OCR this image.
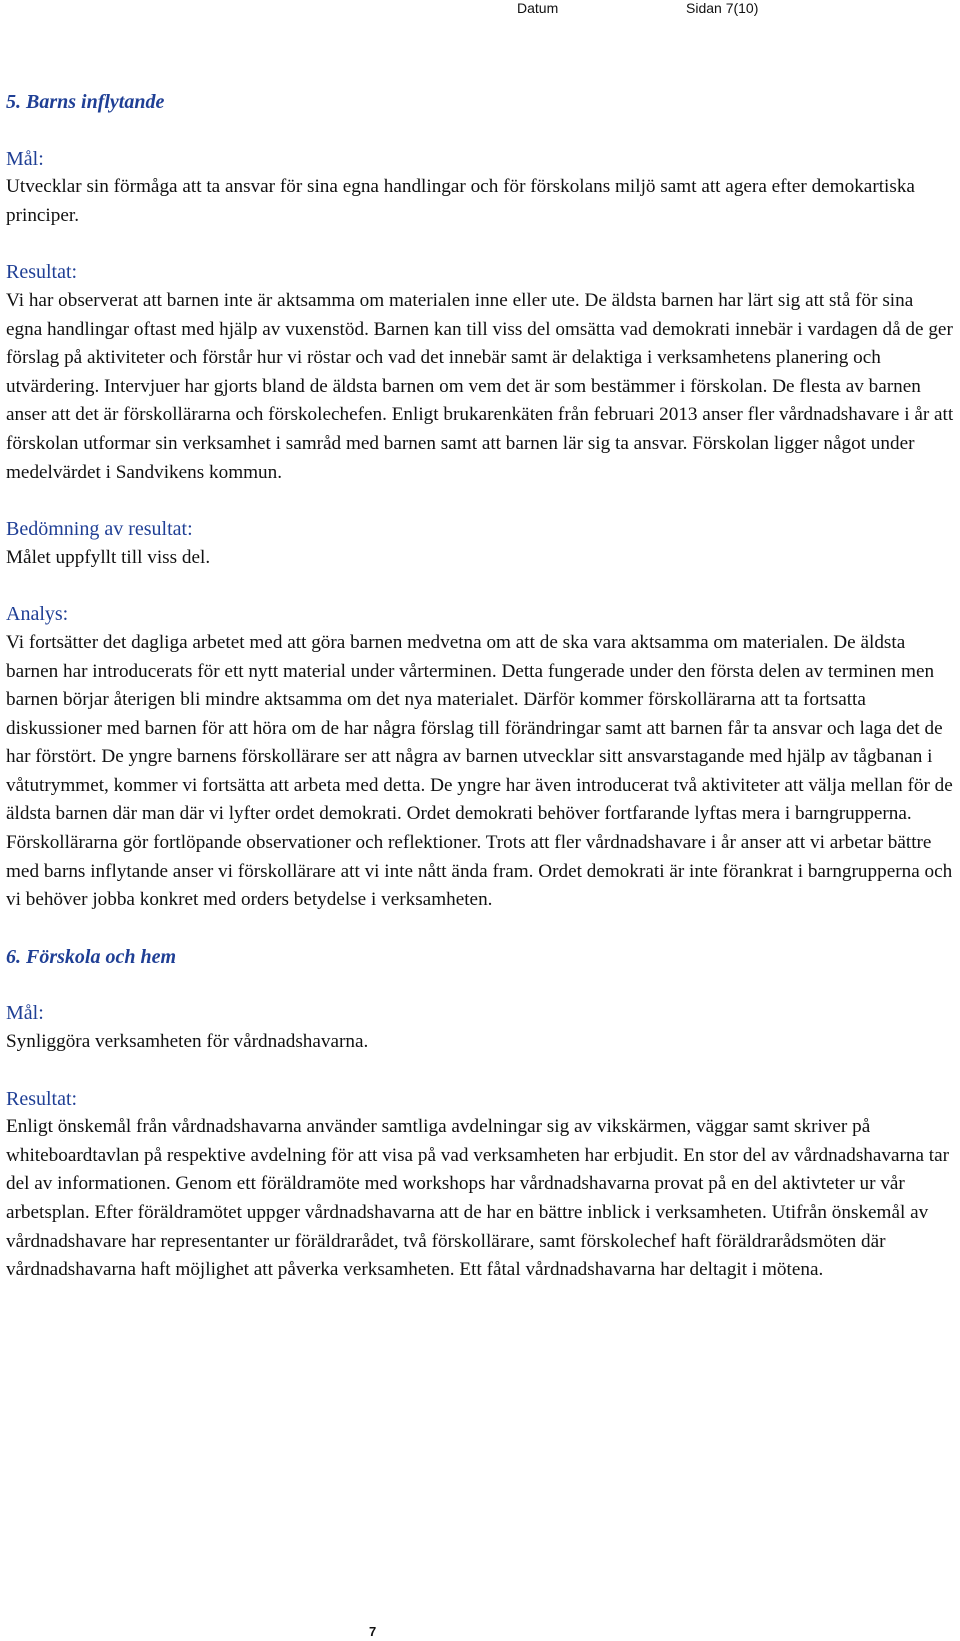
Datum	Sidan 7(10)
5. Barns inflytande

Mål:

Utvecklar sin förmåga att ta ansvar för sina egna handlingar och för förskolans miljö samt att agera efter demokartiska principer.

Resultat:

Vi har observerat att barnen inte är aktsamma om materialen inne eller ute. De äldsta barnen har lärt sig att stå för sina egna handlingar oftast med hjälp av vuxenstöd. Barnen kan till viss del omsätta vad demokrati innebär i vardagen då de ger förslag på aktiviteter och förstår hur vi röstar och vad det innebär samt är delaktiga i verksamhetens planering och utvärdering. Intervjuer har gjorts bland de äldsta barnen om vem det är som bestämmer i förskolan. De flesta av barnen anser att det är förskollärarna och förskolechefen. Enligt brukarenkäten från februari 2013 anser fler vårdnadshavare i år att förskolan utformar sin verksamhet i samråd med barnen samt att barnen lär sig ta ansvar. Förskolan ligger något under medelvärdet i Sandvikens kommun.

Bedömning av resultat:

Målet uppfyllt till viss del.

Analys:

Vi fortsätter det dagliga arbetet med att göra barnen medvetna om att de ska vara aktsamma om materialen. De äldsta barnen har introducerats för ett nytt material under vårterminen. Detta fungerade under den första delen av terminen men barnen börjar återigen bli mindre aktsamma om det nya materialet. Därför kommer förskollärarna att ta fortsatta diskussioner med barnen för att höra om de har några förslag till förändringar samt att barnen får ta ansvar och laga det de har förstört. De yngre barnens förskollärare ser att några av barnen utvecklar sitt ansvarstagande med hjälp av tågbanan i våtutrymmet, kommer vi fortsätta att arbeta med detta. De yngre har även introducerat två aktiviteter att välja mellan för de äldsta barnen där man där vi lyfter ordet demokrati. Ordet demokrati behöver fortfarande lyftas mera i barngrupperna. Förskollärarna gör fortlöpande observationer och reflektioner. Trots att fler vårdnadshavare i år anser att vi arbetar bättre med barns inflytande anser vi förskollärare att vi inte nått ända fram. Ordet demokrati är inte förankrat i barngrupperna och vi behöver jobba konkret med orders betydelse i verksamheten.

6. Förskola och hem

Mål:

Synliggöra verksamheten för vårdnadshavarna.

Resultat:

Enligt önskemål från vårdnadshavarna använder samtliga avdelningar sig av vikskärmen, väggar samt skriver på whiteboardtavlan på respektive avdelning för att visa på vad verksamheten har erbjudit. En stor del av vårdnadshavarna tar del av informationen. Genom ett föräldramöte med workshops har vårdnadshavarna provat på en del aktivteter ur vår arbetsplan. Efter föräldramötet uppger vårdnadshavarna att de har en bättre inblick i verksamheten. Utifrån önskemål av vårdnadshavare har representanter ur föräldrarådet, två förskollärare, samt förskolechef haft föräldrarådsmöten där vårdnadshavarna haft möjlighet att påverka verksamheten. Ett fåtal vårdnadshavarna har deltagit i mötena.

7
